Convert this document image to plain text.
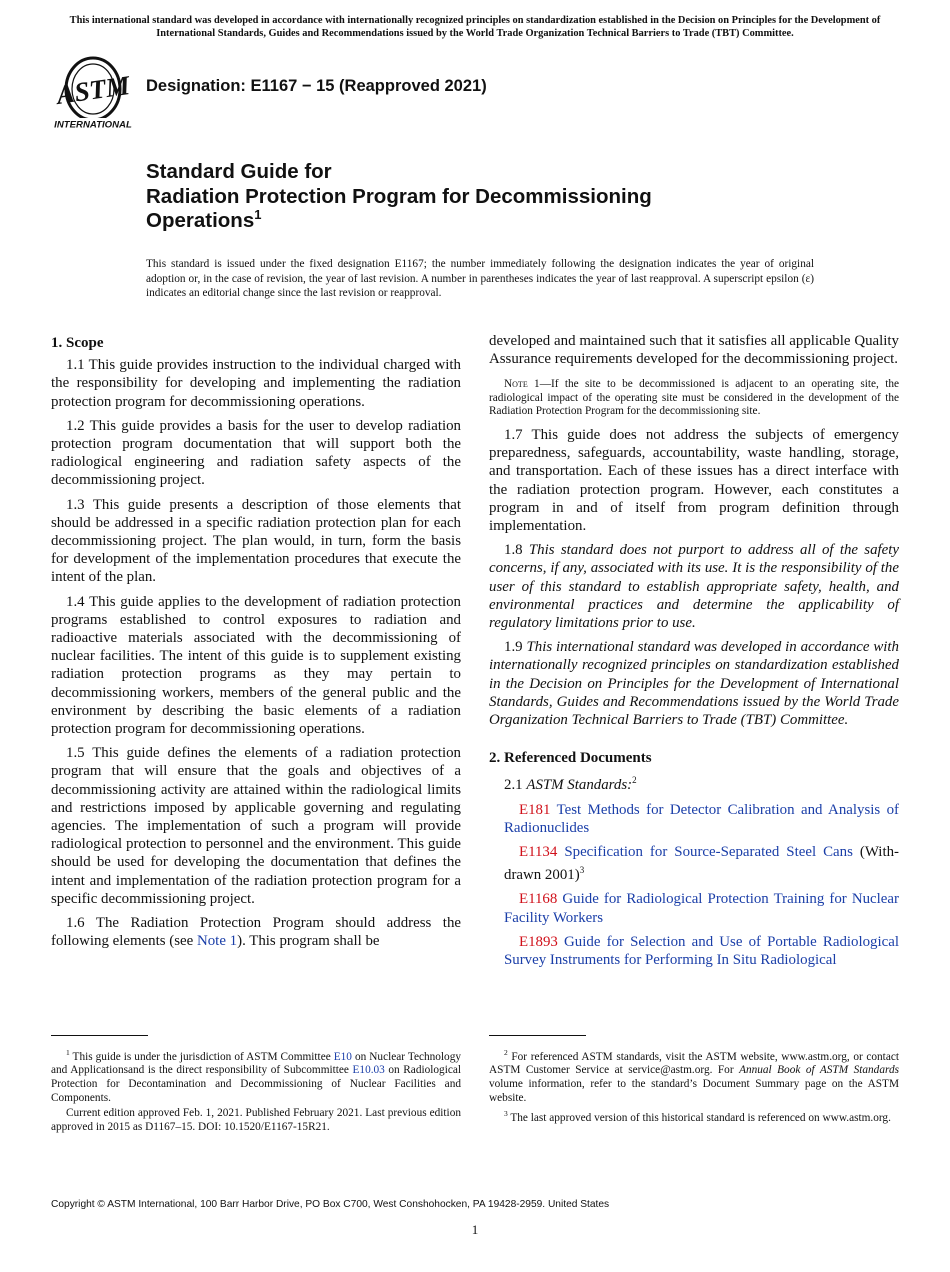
This international standard was developed in accordance with internationally recognized principles on standardization established in the Decision on Principles for the Development of International Standards, Guides and Recommendations issued by the World Trade Organization Technical Barriers to Trade (TBT) Committee.
ASTM
INTERNATIONAL
Designation: E1167 − 15 (Reapproved 2021)
Standard Guide for
Radiation Protection Program for Decommissioning
Operations$^1$
This standard is issued under the fixed designation E1167; the number immediately following the designation indicates the year of original adoption or, in the case of revision, the year of last revision. A number in parentheses indicates the year of last reapproval. A superscript epsilon (ε) indicates an editorial change since the last revision or reapproval.
1. Scope

1.1 This guide provides instruction to the individual charged with the responsibility for developing and implementing the radiation protection program for decommissioning operations.

1.2 This guide provides a basis for the user to develop radiation protection program documentation that will support both the radiological engineering and radiation safety aspects of the decommissioning project.

1.3 This guide presents a description of those elements that should be addressed in a specific radiation protection plan for each decommissioning project. The plan would, in turn, form the basis for development of the implementation procedures that execute the intent of the plan.

1.4 This guide applies to the development of radiation protection programs established to control exposures to radiation and radioactive materials associated with the decommissioning of nuclear facilities. The intent of this guide is to supplement existing radiation protection programs as they may pertain to decommissioning workers, members of the general public and the environment by describing the basic elements of a radiation protection program for decommissioning operations.

1.5 This guide defines the elements of a radiation protection program that will ensure that the goals and objectives of a decommissioning activity are attained within the radiological limits and restrictions imposed by applicable governing and regulating agencies. The implementation of such a program will provide radiological protection to personnel and the environment. This guide should be used for developing the documentation that defines the intent and implementation of the radiation protection program for a specific decommissioning project.

1.6 The Radiation Protection Program should address the following elements (see Note 1). This program shall be

developed and maintained such that it satisfies all applicable Quality Assurance requirements developed for the decommissioning project.

Note 1—If the site to be decommissioned is adjacent to an operating site, the radiological impact of the operating site must be considered in the development of the Radiation Protection Program for the decommissioning site.

1.7 This guide does not address the subjects of emergency preparedness, safeguards, accountability, waste handling, storage, and transportation. Each of these issues has a direct interface with the radiation protection program. However, each constitutes a program in and of itself from program definition through implementation.

1.8 This standard does not purport to address all of the safety concerns, if any, associated with its use. It is the responsibility of the user of this standard to establish appropriate safety, health, and environmental practices and determine the applicability of regulatory limitations prior to use.

1.9 This international standard was developed in accordance with internationally recognized principles on standardization established in the Decision on Principles for the Development of International Standards, Guides and Recommendations issued by the World Trade Organization Technical Barriers to Trade (TBT) Committee.

2. Referenced Documents

2.1 ASTM Standards:$^2$

E181 Test Methods for Detector Calibration and Analysis of Radionuclides

E1134 Specification for Source-Separated Steel Cans (Withdrawn 2001)$^3$

E1168 Guide for Radiological Protection Training for Nuclear Facility Workers

E1893 Guide for Selection and Use of Portable Radiological Survey Instruments for Performing In Situ Radiological

$^1$ This guide is under the jurisdiction of ASTM Committee E10 on Nuclear Technology and Applicationsand is the direct responsibility of Subcommittee E10.03 on Radiological Protection for Decontamination and Decommissioning of Nuclear Facilities and Components.

Current edition approved Feb. 1, 2021. Published February 2021. Last previous edition approved in 2015 as D1167–15. DOI: 10.1520/E1167-15R21.

$^2$ For referenced ASTM standards, visit the ASTM website, www.astm.org, or contact ASTM Customer Service at service@astm.org. For Annual Book of ASTM Standards volume information, refer to the standard’s Document Summary page on the ASTM website.

$^3$ The last approved version of this historical standard is referenced on www.astm.org.

Copyright © ASTM International, 100 Barr Harbor Drive, PO Box C700, West Conshohocken, PA 19428-2959. United States
1
